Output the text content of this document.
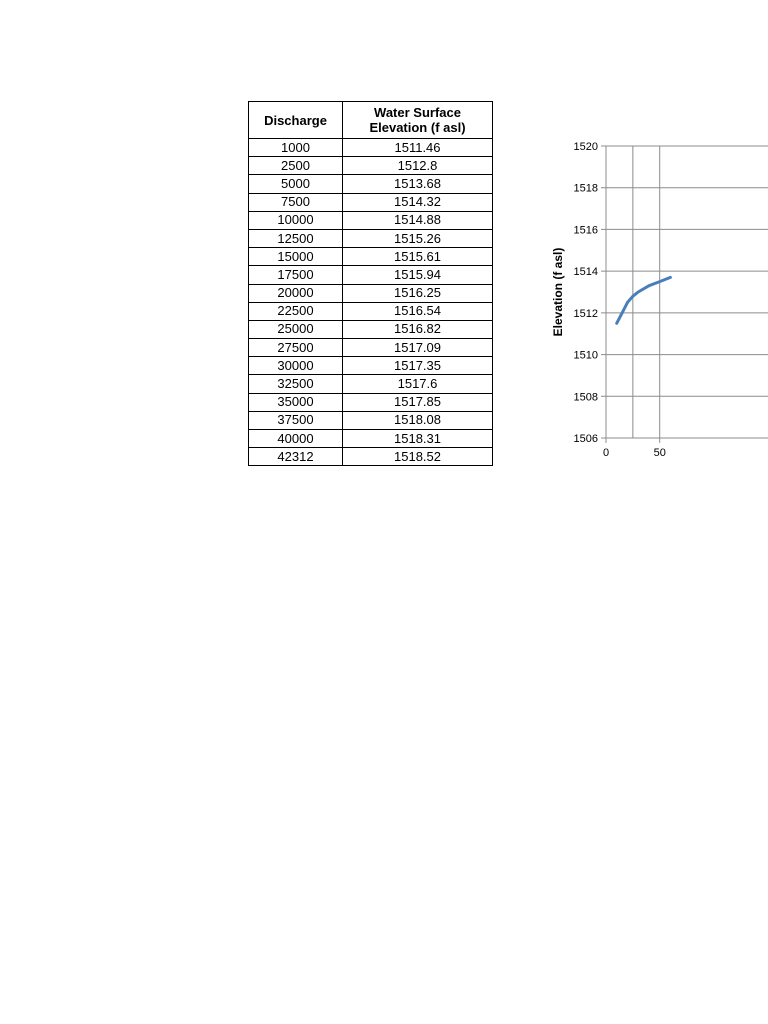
Discharge	Water Surface
Elevation (f asl)

1000	1511.46
2500	1512.8
5000	1513.68
7500	1514.32
10000	1514.88
12500	1515.26
15000	1515.61
17500	1515.94
20000	1516.25
22500	1516.54
25000	1516.82
27500	1517.09
30000	1517.35
32500	1517.6
35000	1517.85
37500	1518.08
40000	1518.31
42312	1518.52
1506
1508
1510
1512
1514
1516
1518
1520
0	50
Elevation (f asl)
